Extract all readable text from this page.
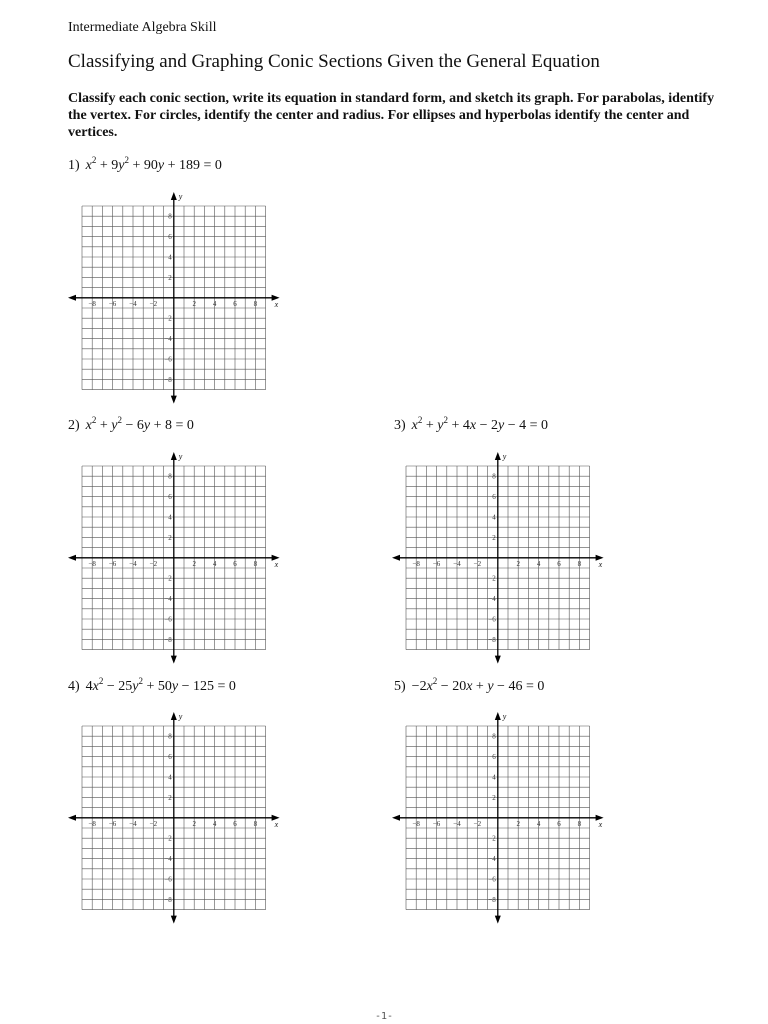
Intermediate Algebra Skill
Classifying and Graphing Conic Sections Given the General Equation

Classify each conic section, write its equation in standard form, and sketch its graph. For parabolas, identify the vertex. For circles, identify the center and radius. For ellipses and hyperbolas identify the center and vertices.

1) $x^2 + 9y^2 + 90y + 189 = 0$
−8 −6 −4 −2	2 4 6 8
8
6
4
2
−2
−4
−6
−8
x
y
2) $x^2 + y^2 - 6y + 8 = 0$
−8 −6 −4 −2	2 4 6 8
8
6
4
2
−2
−4
−6
−8
x
y
3) $x^2 + y^2 + 4x - 2y - 4 = 0$
−8 −6 −4 −2	2 4 6 8
8
6
4
2
−2
−4
−6
−8
x
y
4) $4x^2 - 25y^2 + 50y - 125 = 0$
−8 −6 −4 −2	2 4 6 8
8
6
4
2
−2
−4
−6
−8
x
y
$5) -2x^2 - 20x + y - 46 = 0$
−8 −6 −4 −2	2 4 6 8
8
6
4
2
−2
−4
−6
−8
x
y
-1-
